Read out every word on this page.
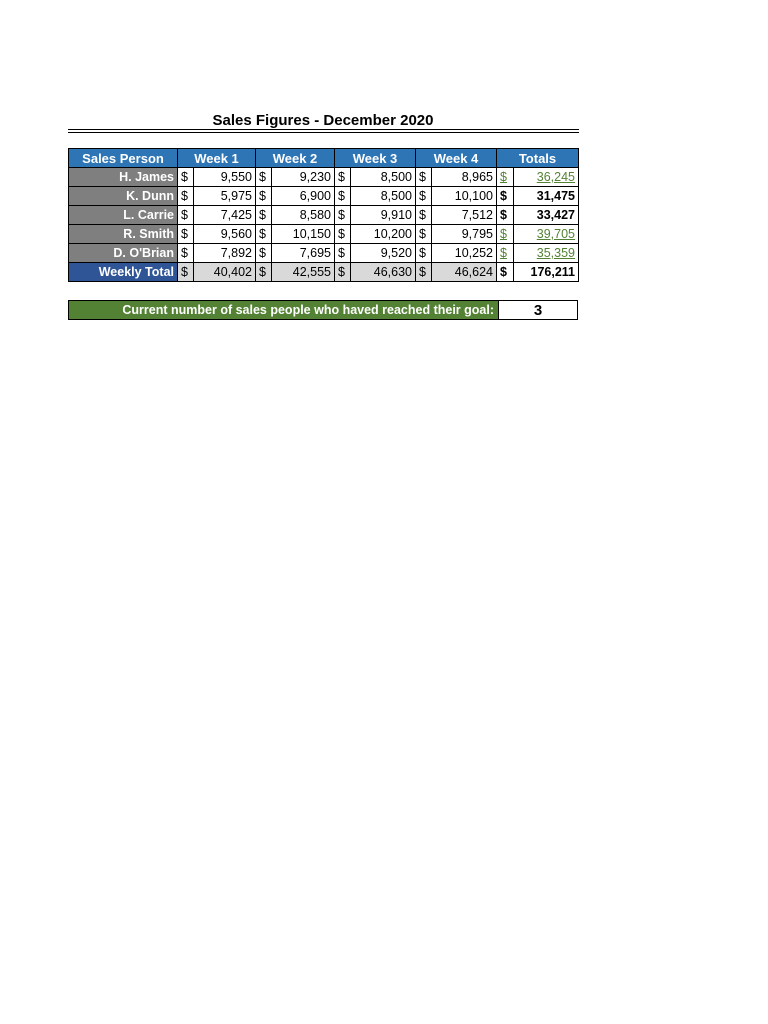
Sales Figures - December 2020
Sales Person	Week 1		Week 2		Week 3		Week 4		Totals	
H. James	$	9,550	$	9,230	$	8,500	$	8,965	$	36,245
K. Dunn	$	5,975	$	6,900	$	8,500	$	10,100	$	31,475
L. Carrie	$	7,425	$	8,580	$	9,910	$	7,512	$	33,427
R. Smith	$	9,560	$	10,150	$	10,200	$	9,795	$	39,705
D. O'Brian	$	7,892	$	7,695	$	9,520	$	10,252	$	35,359
Weekly Total	$	40,402	$	42,555	$	46,630	$	46,624	$	176,211
Current number of sales people who haved reached their goal:	3
